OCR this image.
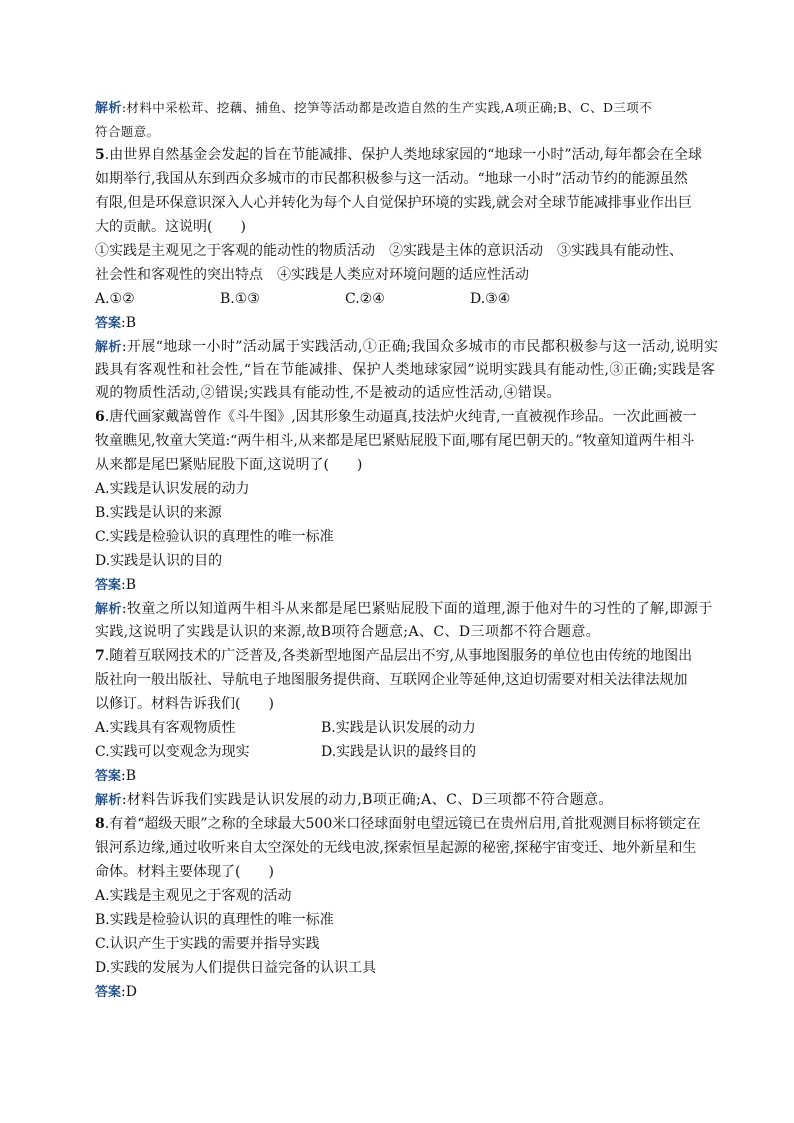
解析:材料中采松茸、挖藕、捕鱼、挖笋等活动都是改造自然的生产实践,A项正确;B、C、D三项不
符合题意。
5.由世界自然基金会发起的旨在节能减排、保护人类地球家园的“地球一小时”活动,每年都会在全球
如期举行,我国从东到西众多城市的市民都积极参与这一活动。“地球一小时”活动节约的能源虽然
有限,但是环保意识深入人心并转化为每个人自觉保护环境的实践,就会对全球节能减排事业作出巨
大的贡献。这说明(　　)
①实践是主观见之于客观的能动性的物质活动　②实践是主体的意识活动　③实践具有能动性、
社会性和客观性的突出特点　④实践是人类应对环境问题的适应性活动
A.①②	B.①③	C.②④	D.③④
答案:B
解析:开展“地球一小时”活动属于实践活动,①正确;我国众多城市的市民都积极参与这一活动,说明实
践具有客观性和社会性,“旨在节能减排、保护人类地球家园”说明实践具有能动性,③正确;实践是客
观的物质性活动,②错误;实践具有能动性,不是被动的适应性活动,④错误。
6.唐代画家戴嵩曾作《斗牛图》,因其形象生动逼真,技法炉火纯青,一直被视作珍品。一次此画被一
牧童瞧见,牧童大笑道:“两牛相斗,从来都是尾巴紧贴屁股下面,哪有尾巴朝天的。”牧童知道两牛相斗
从来都是尾巴紧贴屁股下面,这说明了(　　)
A.实践是认识发展的动力
B.实践是认识的来源
C.实践是检验认识的真理性的唯一标准
D.实践是认识的目的
答案:B
解析:牧童之所以知道两牛相斗从来都是尾巴紧贴屁股下面的道理,源于他对牛的习性的了解,即源于
实践,这说明了实践是认识的来源,故B项符合题意;A、C、D三项都不符合题意。
7.随着互联网技术的广泛普及,各类新型地图产品层出不穷,从事地图服务的单位也由传统的地图出
版社向一般出版社、导航电子地图服务提供商、互联网企业等延伸,这迫切需要对相关法律法规加
以修订。材料告诉我们(　　)
A.实践具有客观物质性	B.实践是认识发展的动力
C.实践可以变观念为现实	D.实践是认识的最终目的
答案:B
解析:材料告诉我们实践是认识发展的动力,B项正确;A、C、D三项都不符合题意。
8.有着“超级天眼”之称的全球最大500米口径球面射电望远镜已在贵州启用,首批观测目标将锁定在
银河系边缘,通过收听来自太空深处的无线电波,探索恒星起源的秘密,探秘宇宙变迁、地外新星和生
命体。材料主要体现了(　　)
A.实践是主观见之于客观的活动
B.实践是检验认识的真理性的唯一标准
C.认识产生于实践的需要并指导实践
D.实践的发展为人们提供日益完备的认识工具
答案:D
